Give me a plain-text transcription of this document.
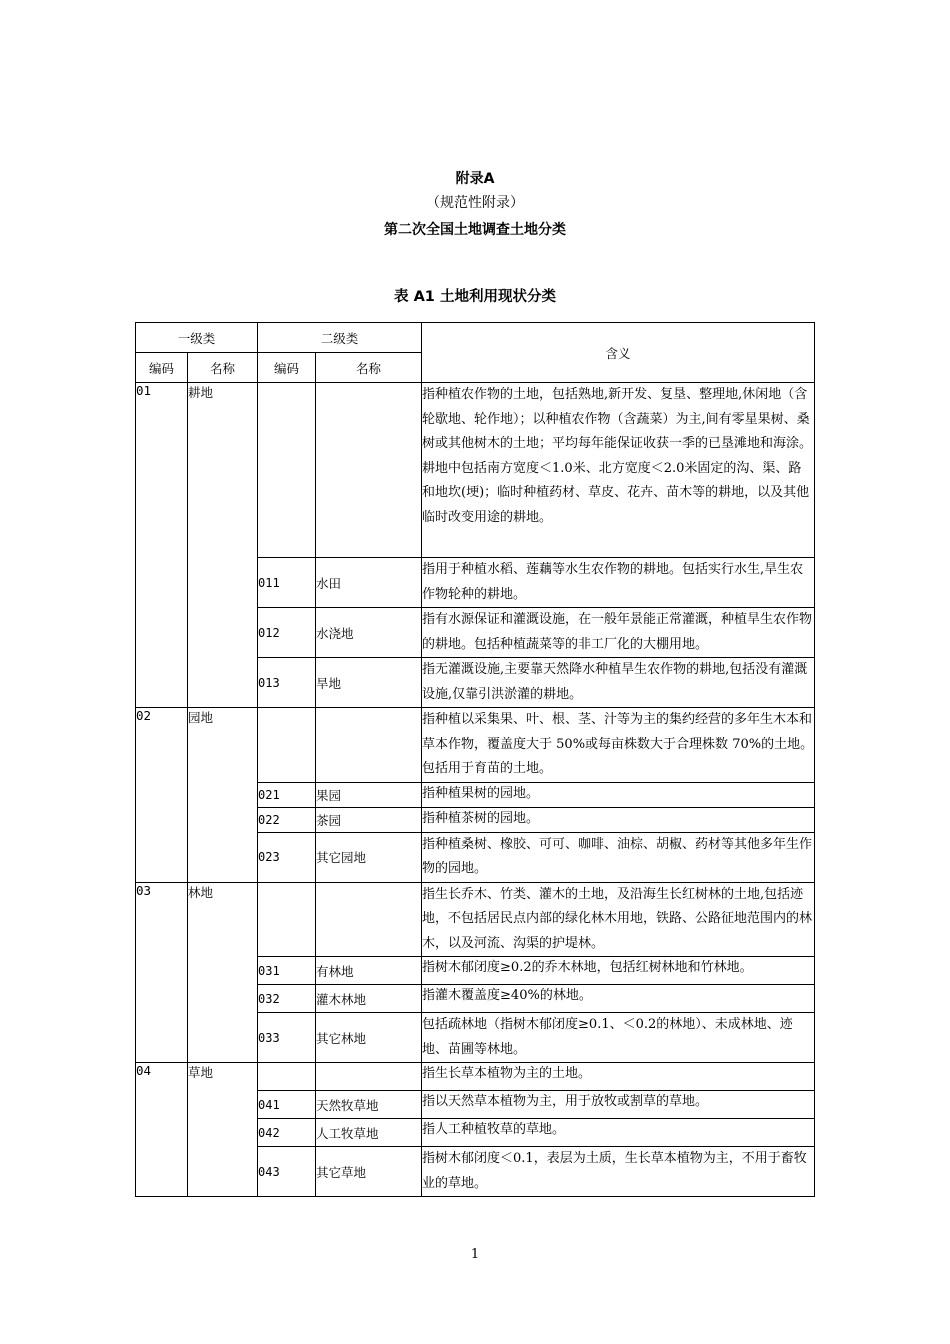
附录A
（规范性附录）
第二次全国土地调查土地分类
表 A1 土地利用现状分类
一级类		二级类		含义
编码	名称	编码	名称	
01	耕地			指种植农作物的土地，包括熟地,新开发、复垦、整理地,休闲地（含轮歇地、轮作地）；以种植农作物（含蔬菜）为主,间有零星果树、桑树或其他树木的土地；平均每年能保证收获一季的已垦滩地和海涂。耕地中包括南方宽度＜1.0米、北方宽度＜2.0米固定的沟、渠、路和地坎(埂)；临时种植药材、草皮、花卉、苗木等的耕地，以及其他临时改变用途的耕地。
		011	水田	指用于种植水稻、莲藕等水生农作物的耕地。包括实行水生,旱生农作物轮种的耕地。
		012	水浇地	指有水源保证和灌溉设施，在一般年景能正常灌溉，种植旱生农作物的耕地。包括种植蔬菜等的非工厂化的大棚用地。
		013	旱地	指无灌溉设施,主要靠天然降水种植旱生农作物的耕地,包括没有灌溉设施,仅靠引洪淤灌的耕地。
02	园地			指种植以采集果、叶、根、茎、汁等为主的集约经营的多年生木本和草本作物，覆盖度大于 50%或每亩株数大于合理株数 70%的土地。包括用于育苗的土地。
		021	果园	指种植果树的园地。
		022	茶园	指种植茶树的园地。
		023	其它园地	指种植桑树、橡胶、可可、咖啡、油棕、胡椒、药材等其他多年生作物的园地。
03	林地			指生长乔木、竹类、灌木的土地，及沿海生长红树林的土地,包括迹地，不包括居民点内部的绿化林木用地，铁路、公路征地范围内的林木，以及河流、沟渠的护堤林。
		031	有林地	指树木郁闭度≥0.2的乔木林地，包括红树林地和竹林地。
		032	灌木林地	指灌木覆盖度≥40%的林地。
		033	其它林地	包括疏林地（指树木郁闭度≥0.1、＜0.2的林地）、未成林地、迹地、苗圃等林地。
04	草地			指生长草本植物为主的土地。
		041	天然牧草地	指以天然草本植物为主，用于放牧或割草的草地。
		042	人工牧草地	指人工种植牧草的草地。
		043	其它草地	指树木郁闭度＜0.1，表层为土质，生长草本植物为主，不用于畜牧业的草地。
1
